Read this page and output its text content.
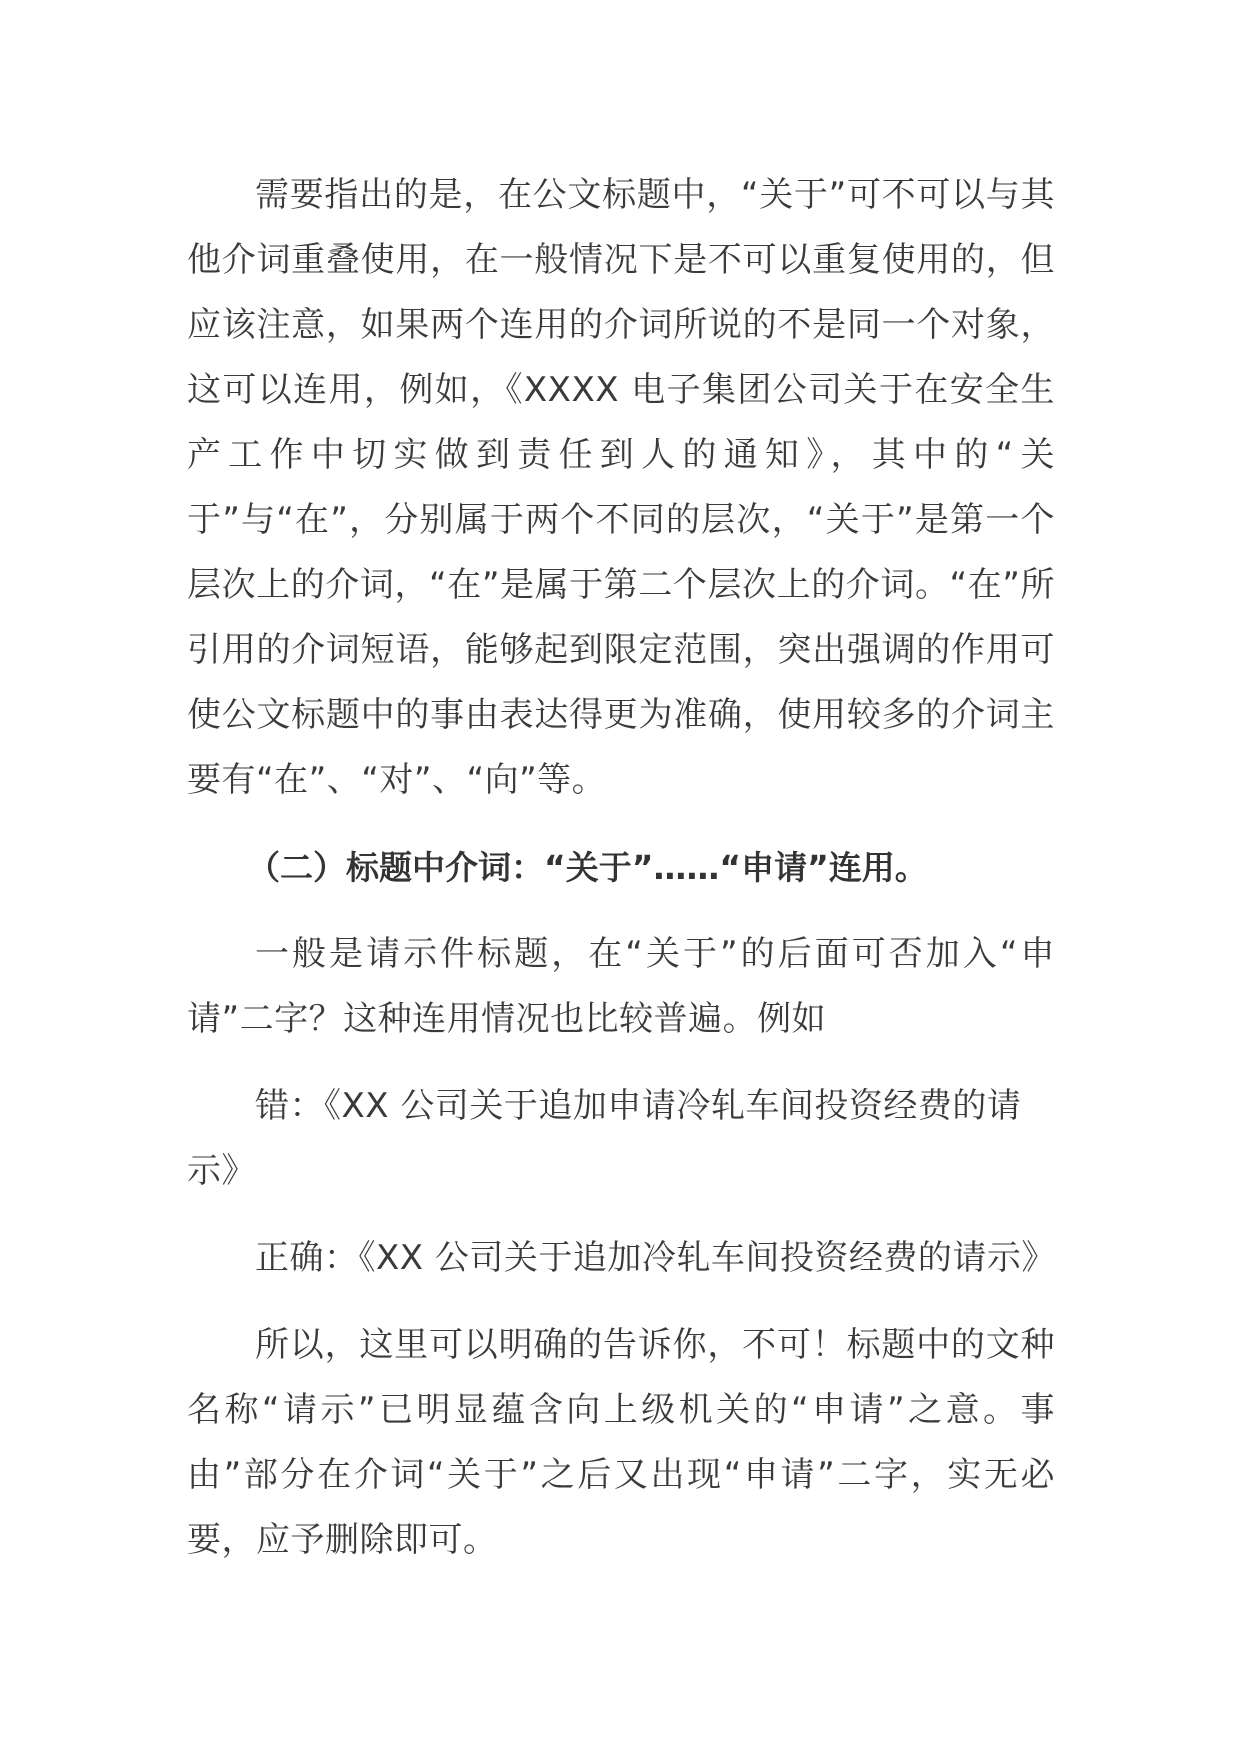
需要指出的是，在公文标题中，“关于”可不可以与其他介词重叠使用，在一般情况下是不可以重复使用的，但应该注意，如果两个连用的介词所说的不是同一个对象，这可以连用，例如，《XXXX 电子集团公司关于在安全生产工作中切实做到责任到人的通知》，其中的“关于”与“在”，分别属于两个不同的层次，“关于”是第一个层次上的介词，“在”是属于第二个层次上的介词。“在”所引用的介词短语，能够起到限定范围，突出强调的作用可使公文标题中的事由表达得更为准确，使用较多的介词主要有“在”、“对”、“向”等。

（二）标题中介词：“关于”……“申请”连用。

一般是请示件标题，在“关于”的后面可否加入“申请”二字？这种连用情况也比较普遍。例如

错：《XX 公司关于追加申请冷轧车间投资经费的请示》

正确：《XX 公司关于追加冷轧车间投资经费的请示》

所以，这里可以明确的告诉你，不可！标题中的文种名称“请示”已明显蕴含向上级机关的“申请”之意。事由”部分在介词“关于”之后又出现“申请”二字，实无必要，应予删除即可。
